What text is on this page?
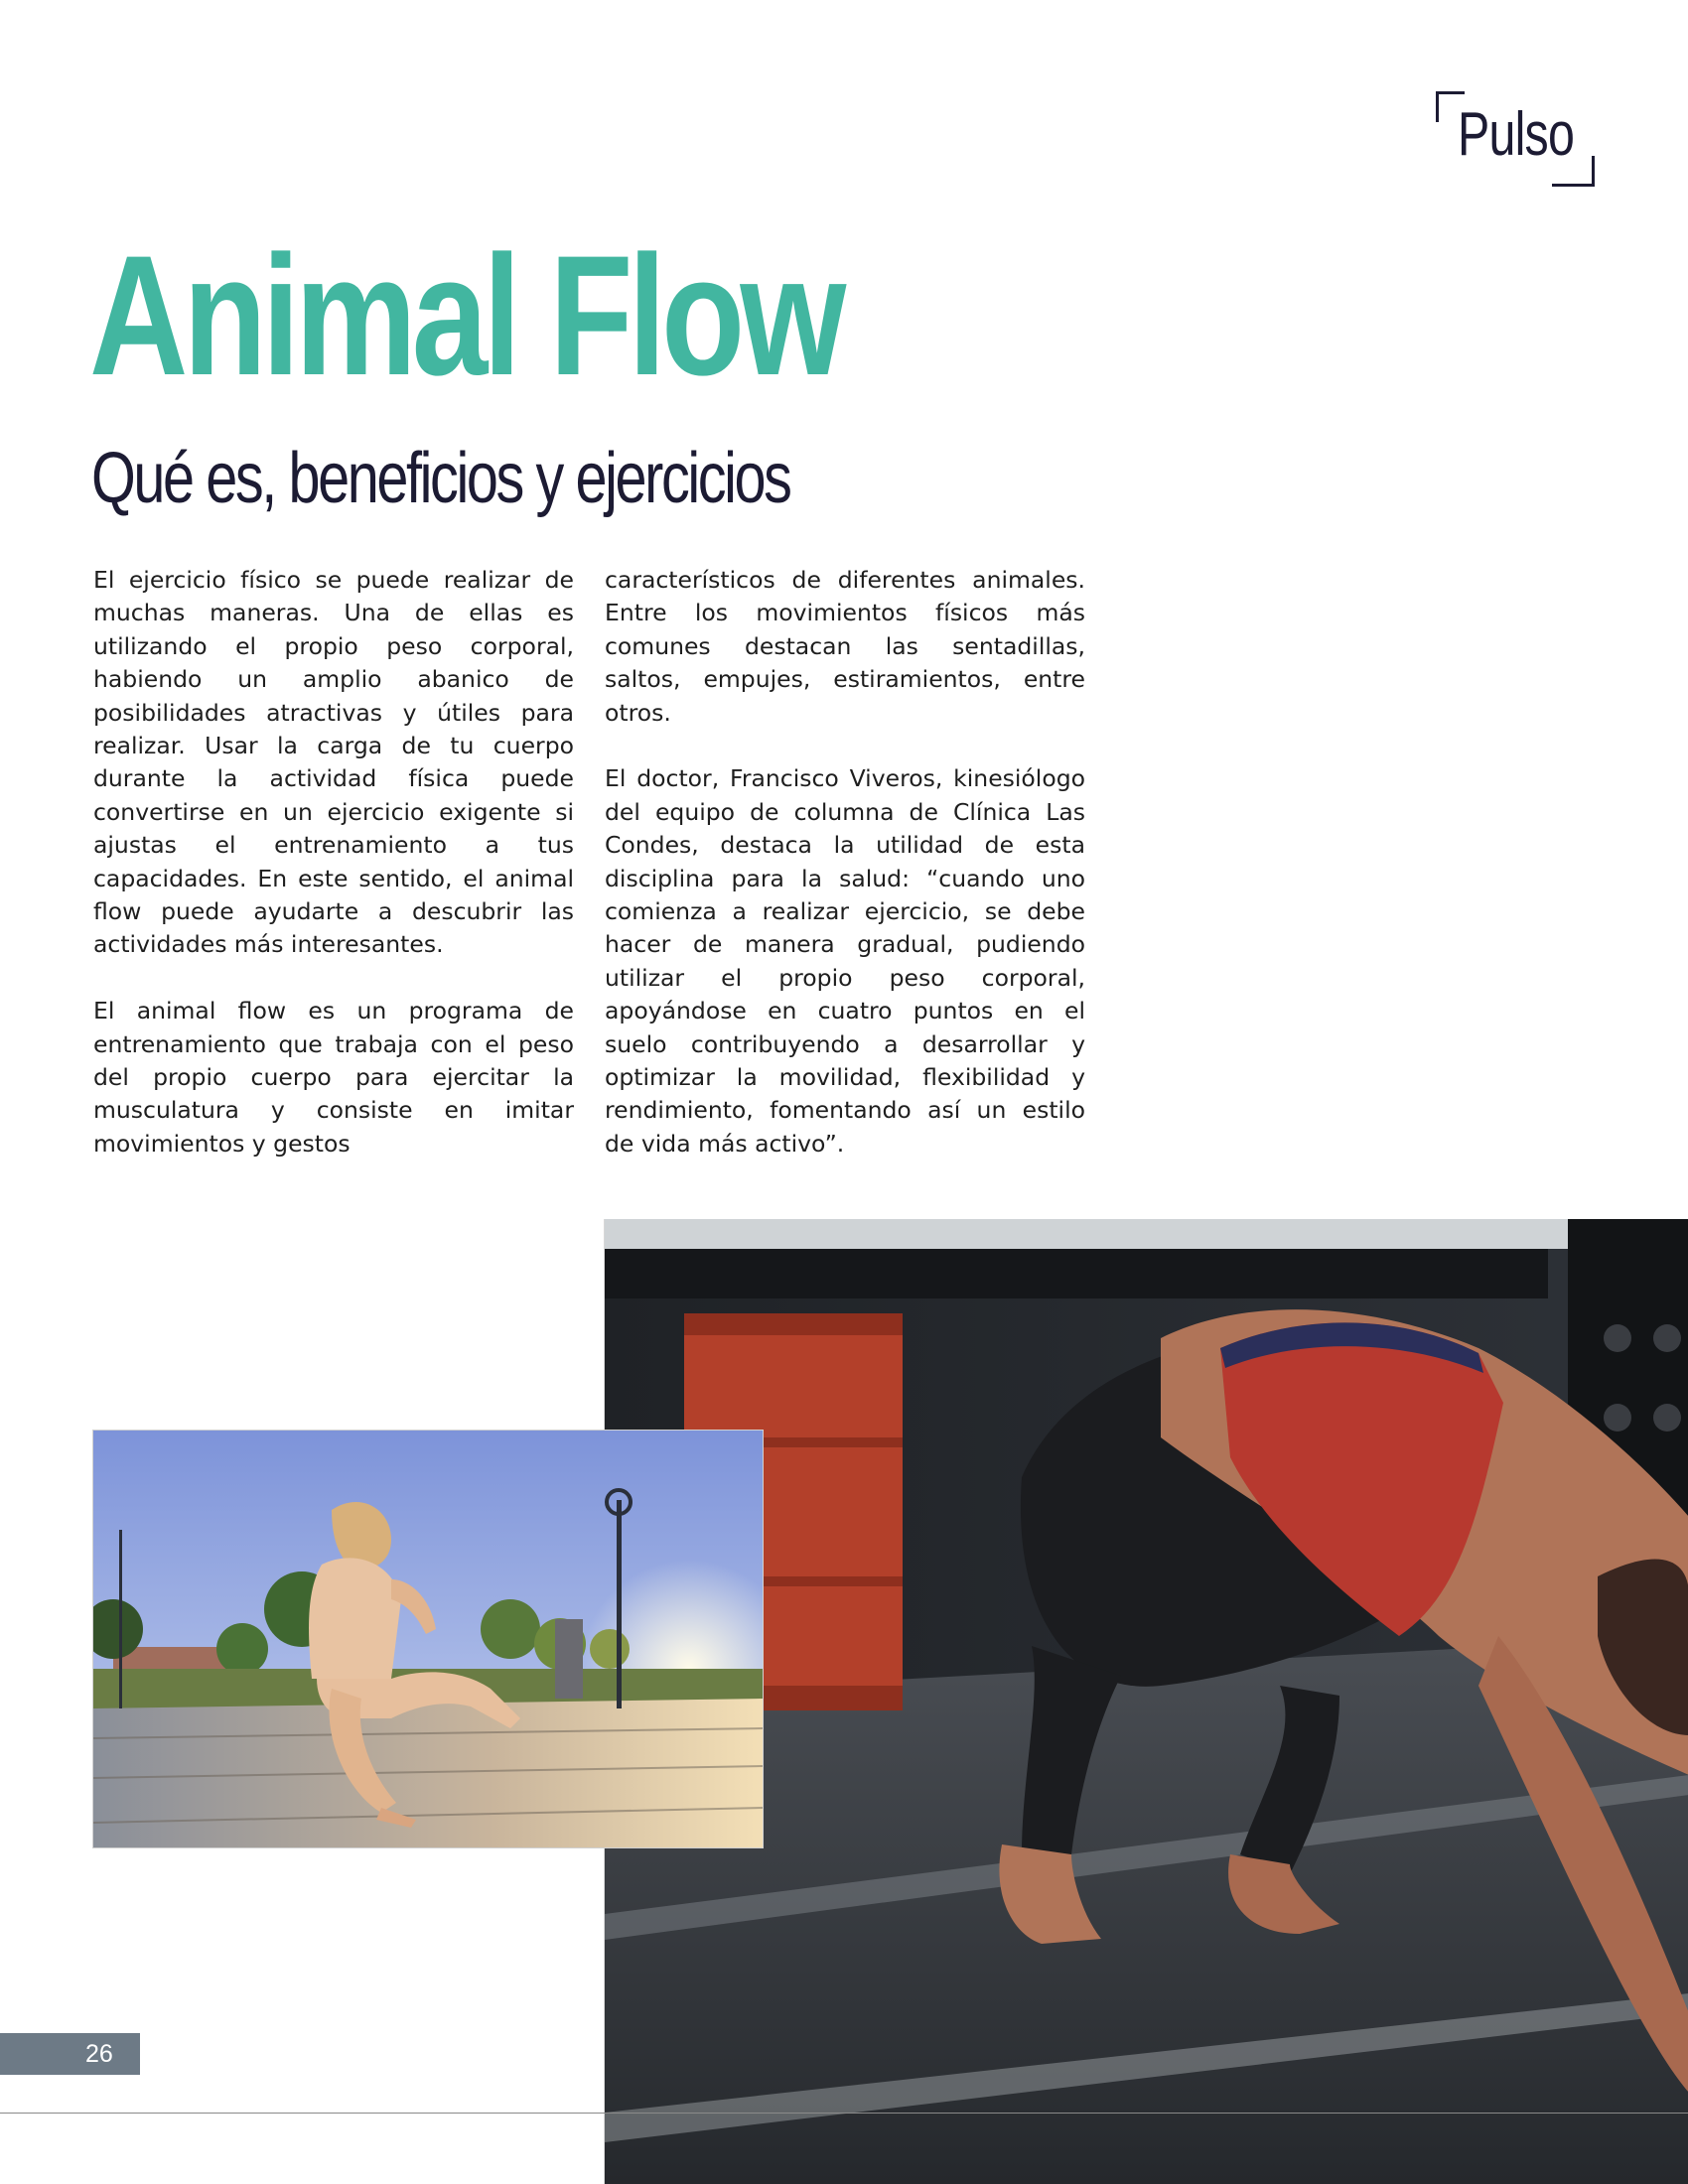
Pulso
Animal Flow
Qué es, beneficios y ejercicios

El ejercicio físico se puede realizar de muchas maneras. Una de ellas es utilizando el propio peso corporal, habiendo un amplio abanico de posibilidades atractivas y útiles para realizar. Usar la carga de tu cuerpo durante la actividad física puede convertirse en un ejercicio exigente si ajustas el entrenamiento a tus capacidades. En este sentido, el animal flow puede ayudarte a descubrir las actividades más interesantes.

El animal flow es un programa de entrenamiento que trabaja con el peso del propio cuerpo para ejercitar la musculatura y consiste en imitar movimientos y gestos

característicos de diferentes animales. Entre los movimientos físicos más comunes destacan las sentadillas, saltos, empujes, estiramientos, entre otros.

El doctor, Francisco Viveros, kinesiólogo del equipo de columna de Clínica Las Condes, destaca la utilidad de esta disciplina para la salud: “cuando uno comienza a realizar ejercicio, se debe hacer de manera gradual, pudiendo utilizar el propio peso corporal, apoyándose en cuatro puntos en el suelo contribuyendo a desarrollar y optimizar la movilidad, flexibilidad y rendimiento, fomentando así un estilo de vida más activo”.

26
